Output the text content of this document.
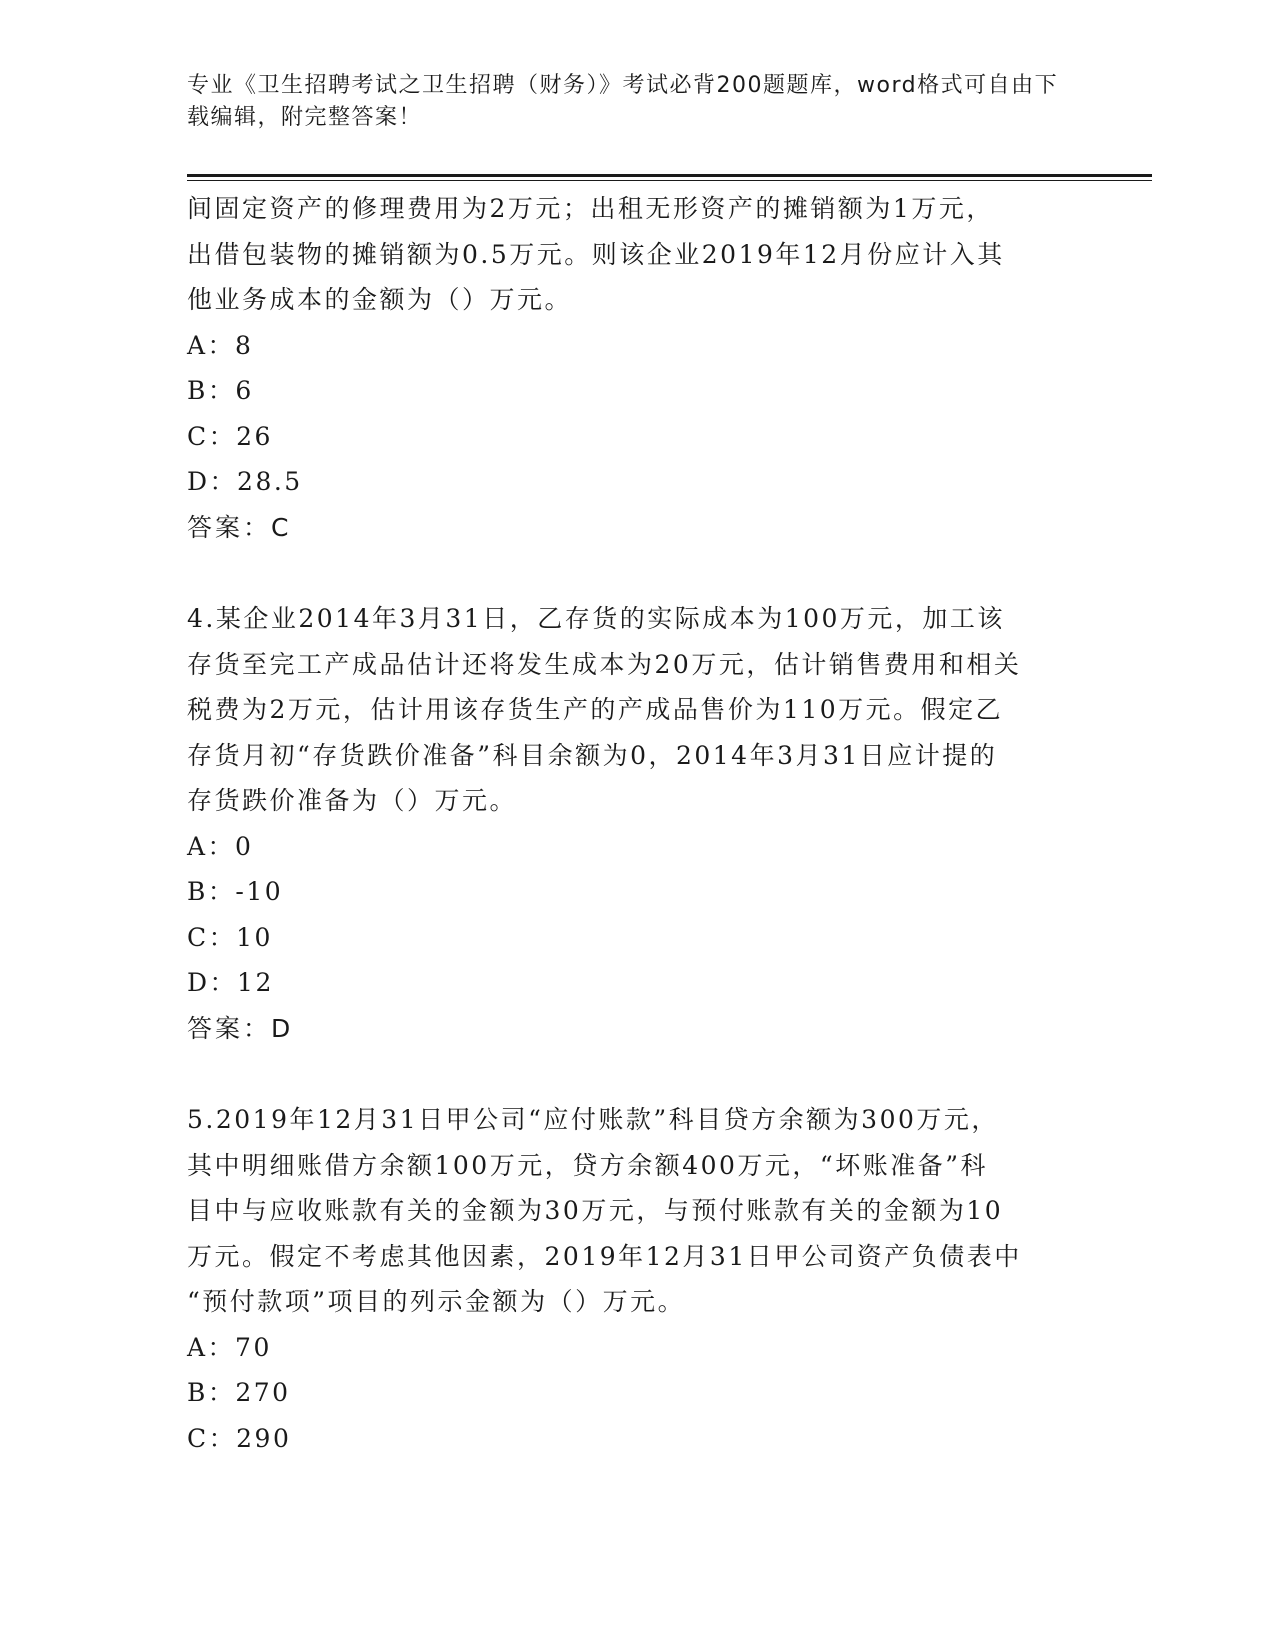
专业《卫生招聘考试之卫生招聘（财务）》考试必背200题题库，word格式可自由下载编辑，附完整答案！

间固定资产的修理费用为2万元；出租无形资产的摊销额为1万元，

出借包装物的摊销额为0.5万元。则该企业2019年12月份应计入其

他业务成本的金额为（）万元。

A：8

B：6

C：26

D：28.5

答案：C

4.某企业2014年3月31日，乙存货的实际成本为100万元，加工该

存货至完工产成品估计还将发生成本为20万元，估计销售费用和相关

税费为2万元，估计用该存货生产的产成品售价为110万元。假定乙

存货月初“存货跌价准备”科目余额为0，2014年3月31日应计提的

存货跌价准备为（）万元。

A：0

B：-10

C：10

D：12

答案：D

5.2019年12月31日甲公司“应付账款”科目贷方余额为300万元，

其中明细账借方余额100万元，贷方余额400万元，“坏账准备”科

目中与应收账款有关的金额为30万元，与预付账款有关的金额为10

万元。假定不考虑其他因素，2019年12月31日甲公司资产负债表中

“预付款项”项目的列示金额为（）万元。

A：70

B：270

C：290
